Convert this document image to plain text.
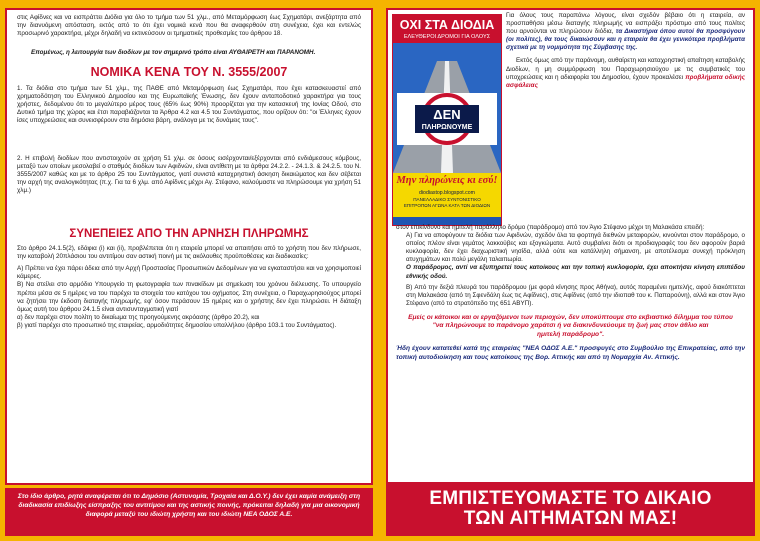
στις Αφίδνες και να εισπράττει Διόδια για όλο το τμήμα των 51 χλμ., από Μεταμόρφωση έως Σχηματάρι, ανεξάρτητα από την διανυόμενη απόσταση, εκτός από το ότι έχει νομικά κενά που θα αναφερθούν στη συνέχεια, έχει και εντελώς προσωρινό χαρακτήρα, μέχρι δηλαδή να εκτινεύσουν οι τμηματικές προθεσμίες του άρθρου 18.

Επομένως, η λειτουργία των διοδίων με τον σημερινό τρόπο είναι ΑΥΘΑΙΡΕΤΗ και ΠΑΡΑΝΟΜΗ.

ΝΟΜΙΚΑ ΚΕΝΑ ΤΟΥ Ν. 3555/2007

1. Τα διόδια στο τμήμα των 51 χλμ., της ΠΑΘΕ από Μεταμόρφωση έως Σχηματάρι, που έχει κατασκευαστεί από χρηματοδότηση του Ελληνικού Δημοσίου και της Ευρωπαϊκής Ένωσης, δεν έχουν ανταποδοτικό χαρακτήρα για τους χρήστες, δεδομένου ότι το μεγαλύτερο μέρος τους (65% έως 90%) προορίζεται για την κατασκευή της Ιονίας Οδού, στο Δυτικό τμήμα της χώρας και έτσι παραβιάζονται τα Άρθρα 4.2 και 4.5 του Συντάγματος, που ορίζουν ότι: "οι Έλληνες έχουν ίσες υποχρεώσεις και συνεισφέρουν στα δημόσια βάρη, ανάλογα με τις δυνάμεις τους".

2. Η επιβολή διοδίων που αντιστοιχούν σε χρήση 51 χλμ. σε όσους εισέρχονται/εξέρχονται από ενδιάμεσους κόμβους, μεταξύ των οποίων μεσολαβεί ο σταθμός διοδίων των Αφιδνών, είναι αντίθετη με τα άρθρα 24.2.2. - 24.1.3. & 24.2.5. του Ν. 3555/2007 καθώς και με το άρθρο 25 του Συντάγματος, γιατί συνιστά καταχρηστική άσκηση δικαιώματος και δεν σέβεται την αρχή της αναλογικότητας (π.χ. Για τα 6 χλμ. από Αφίδνες μέχρι Αγ. Στέφανο, καλούμαστε να πληρώσουμε για χρήση 51 χλμ.)

ΣΥΝΕΠΕΙΕΣ ΑΠΟ ΤΗΝ ΑΡΝΗΣΗ ΠΛΗΡΩΜΗΣ

Στο άρθρο 24.1.5(2), εδάφια (i) και (ii), προβλέπεται ότι η εταιρεία μπορεί να απαιτήσει από το χρήστη που δεν πλήρωσε, την καταβολή 20πλάσιου του αντιτίμου σαν αστική ποινή με τις ακόλουθες προϋποθέσεις και διαδικασίες:

A) Πρέπει να έχει πάρει άδεια από την Αρχή Προστασίας Προσωπικών Δεδομένων για να εγκαταστήσει και να χρησιμοποιεί κάμερες.

B) Να στείλει στο αρμόδιο Υπουργείο τη φωτογραφία των πινακίδων με σημείωση του χρόνου διέλευσης. Το υπουργείο πρέπει μέσα σε 5 ημέρες να του παρέχει τα στοιχεία του κατόχου του οχήματος. Στη συνέχεια, ο Παραχωρησιούχος μπορεί να ζητήσει την έκδοση διαταγής πληρωμής, εφ' όσον περάσουν 15 ημέρες και ο χρήστης δεν έχει πληρώσει. Η διάταξη όμως αυτή του άρθρου 24.1.5 είναι αντισυνταγματική γιατί

α) δεν παρέχει στον πολίτη το δικαίωμα της προηγούμενης ακρόασης (άρθρο 20.2), και

β) γιατί παρέχει στο προσωπικό της εταιρείας, αρμοδιότητες δημοσίου υπαλλήλου (άρθρο 103.1 του Συντάγματος).

Στο ίδιο άρθρο, ρητά αναφέρεται ότι το Δημόσιο (Αστυνομία, Τροχαία και Δ.Ο.Υ.) δεν έχει καμία ανάμειξη στη διαδικασία επιδίωξης είσπραξης του αντιτίμου και της αστικής ποινής, πρόκειται δηλαδή για μια οικονομική διαφορά μεταξύ του ιδιώτη χρήστη και του ιδιώτη ΝΕΑ ΟΔΟΣ Α.Ε.
ΟΧΙ ΣΤΑ ΔΙΟΔΙΑ
ΕΛΕΥΘΕΡΟΙ ΔΡΟΜΟΙ ΓΙΑ ΟΛΟΥΣ
ΔΕΝ
ΠΛΗΡΩΝΟΥΜΕ
Μην πληρώνεις κι εσύ!
diodiastop.blogspot.com
ΠΑΝΕΛΛΑΔΙΚΟ ΣΥΝΤΟΝΙΣΤΙΚΟ
ΕΠΙΤΡΟΠΩΝ ΑΓΩΝΑ ΚΑΤΑ ΤΩΝ ΔΙΟΔΙΩΝ

Για όλους τους παραπάνω λόγους, είναι σχεδόν βέβαιο ότι η εταιρεία, αν προσπαθήσει μέσω διαταγής πληρωμής να εισπράξει πρόστιμο από τους πολίτες που αρνούνται να πληρώσουν διόδια, τα Δικαστήρια όπου αυτοί θα προσφύγουν (οι πολίτες), θα τους δικαιώσουν και η εταιρεία θα έχει γενικότερα προβλήματα σχετικά με τη νομιμότητα της Σύμβασης της.

Εκτός όμως από την παράνομη, αυθαίρετη και καταχρηστική απαίτηση καταβολής Διοδίων, η μη συμμόρφωση του Παραχωρησιούχου με τις συμβατικές του υποχρεώσεις και η αδιαφορία του Δημοσίου, έχουν προκαλέσει προβλήματα οδικής ασφάλειας

στον επικίνδυνο και ημιτελή παράλληλο δρόμο (παράδρομο) από τον Άγιο Στέφανο μέχρι τη Μαλακάσα επειδή:

A) Για να αποφύγουν τα διόδια των Αφιδνών, σχεδόν όλα τα φορτηγά διεθνών μεταφορών, κινούνται στον παράδρομο, ο οποίος πλέον είναι γεμάτος λακκούβες και εξογκώματα. Αυτό συμβαίνει διότι οι προδιαγραφές του δεν αφορούν βαριά κυκλοφορία, δεν έχει διαχωριστική νησίδα, αλλά ούτε και κατάλληλη σήμανση, με αποτέλεσμα συνεχή πρόκληση ατυχημάτων και πολύ μεγάλη ταλαιπωρία.

Ο παράδρομος, αντί να εξυπηρετεί τους κατοίκους και την τοπική κυκλοφορία, έχει αποκτήσει κίνηση επιπέδου εθνικής οδού.

B) Από την δεξιά πλευρά του παράδρομου (με φορά κίνησης προς Αθήνα), αυτός παραμένει ημιτελής, αφού διακόπτεται στη Μαλακάσα (από τη Σφενδάλη έως τις Αφίδνες), στις Αφίδνες (από την ιδιοπαθ του κ. Παπαρούνη), αλλά και στον Άγιο Στέφανο (από το στρατόπεδο της 651 ΑΒΥΠ).

Εμείς οι κάτοικοι και οι εργαζόμενοι των περιοχών, δεν υποκύπτουμε στο εκβιαστικό δίλημμα του τύπου

"να πληρώνουμε το παράνομο χαράτσι ή να διακινδυνεύουμε τη ζωή μας στον άθλιο και ημιτελή παράδρομο".

Ήδη έχουν κατατεθεί κατά της εταιρείας "ΝΕΑ ΟΔΟΣ Α.Ε." προσφυγές στο Συμβούλιο της Επικρατείας, από την τοπική αυτοδιοίκηση και τους κατοίκους της Βορ. Αττικής και από τη Νομαρχία Αν. Αττικής.

ΕΜΠΙΣΤΕΥΟΜΑΣΤΕ ΤΟ ΔΙΚΑΙΟ
ΤΩΝ ΑΙΤΗΜΑΤΩΝ ΜΑΣ!
